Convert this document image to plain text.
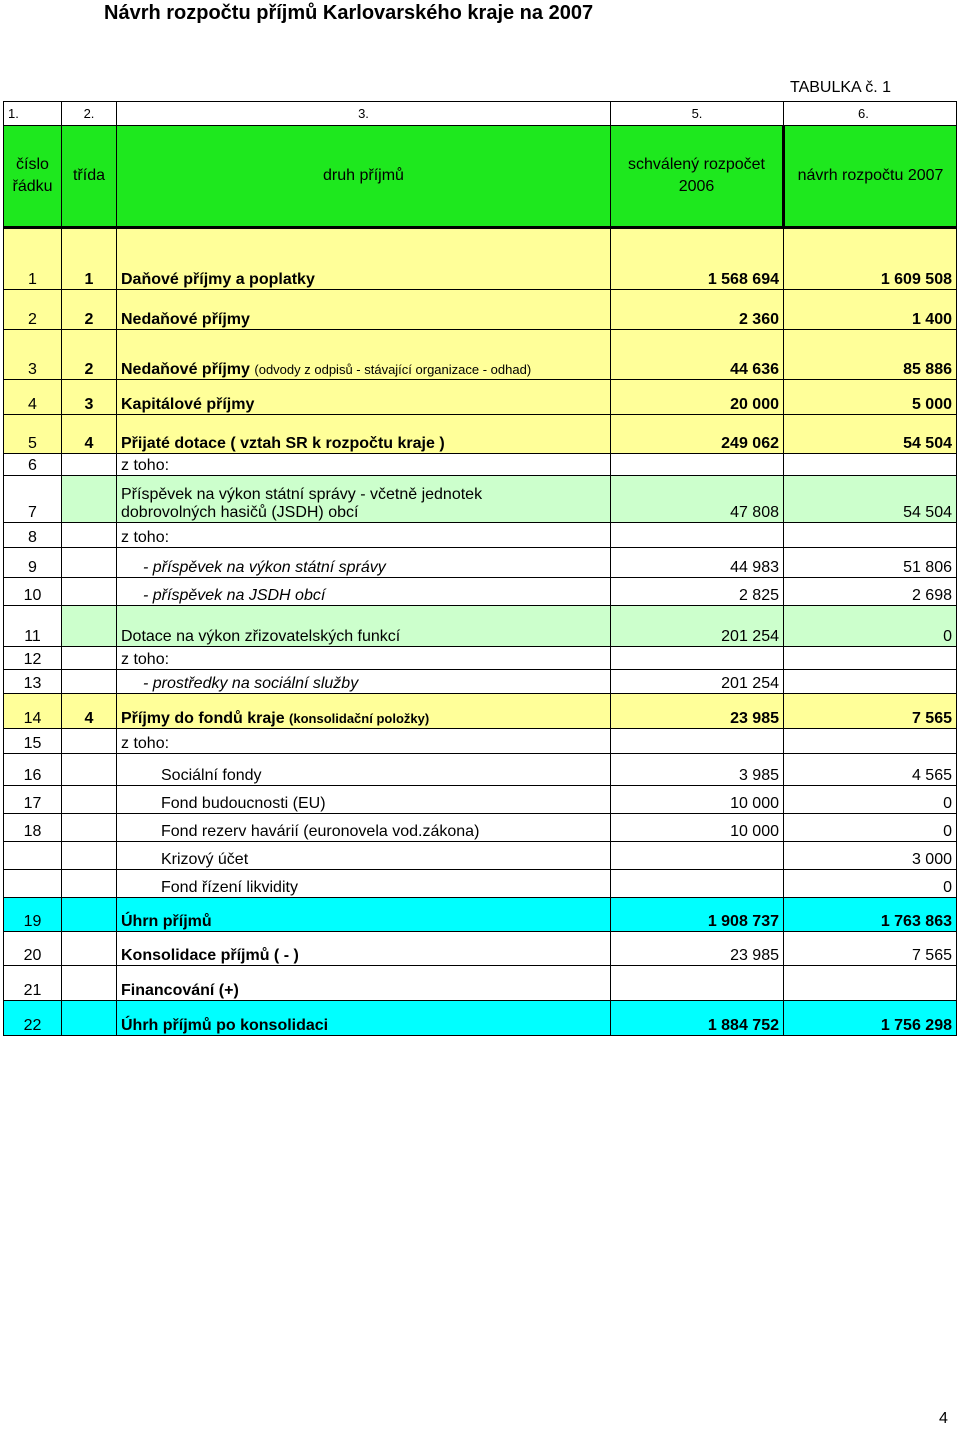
Návrh rozpočtu příjmů Karlovarského kraje na 2007
TABULKA č. 1
1.	2.	3.	5.	6.
číslo řádku	třída	druh příjmů	schválený rozpočet 2006	návrh rozpočtu 2007
1	1	Daňové příjmy a poplatky	1 568 694	1 609 508
2	2	Nedaňové příjmy	2 360	1 400
3	2	Nedaňové příjmy (odvody z odpisů - stávající organizace - odhad)	44 636	85 886
4	3	Kapitálové příjmy	20 000	5 000
5	4	Přijaté dotace ( vztah SR k rozpočtu kraje )	249 062	54 504
6		z toho:		
7		Příspěvek na výkon státní správy - včetně jednotek
dobrovolných hasičů (JSDH) obcí	47 808	54 504
8		z toho:		
9		- příspěvek na výkon státní správy	44 983	51 806
10		- příspěvek na JSDH obcí	2 825	2 698
11		Dotace na výkon zřizovatelských funkcí	201 254	0
12		z toho:		
13		- prostředky na sociální služby	201 254	
14	4	Příjmy do fondů kraje (konsolidační položky)	23 985	7 565
15		z toho:		
16		Sociální fondy	3 985	4 565
17		Fond budoucnosti (EU)	10 000	0
18		Fond rezerv havárií (euronovela vod.zákona)	10 000	0
		Krizový účet		3 000
		Fond řízení likvidity		0
19		Úhrn příjmů	1 908 737	1 763 863
20		Konsolidace příjmů ( - )	23 985	7 565
21		Financování (+)		
22		Úhrh příjmů po konsolidaci	1 884 752	1 756 298
4
